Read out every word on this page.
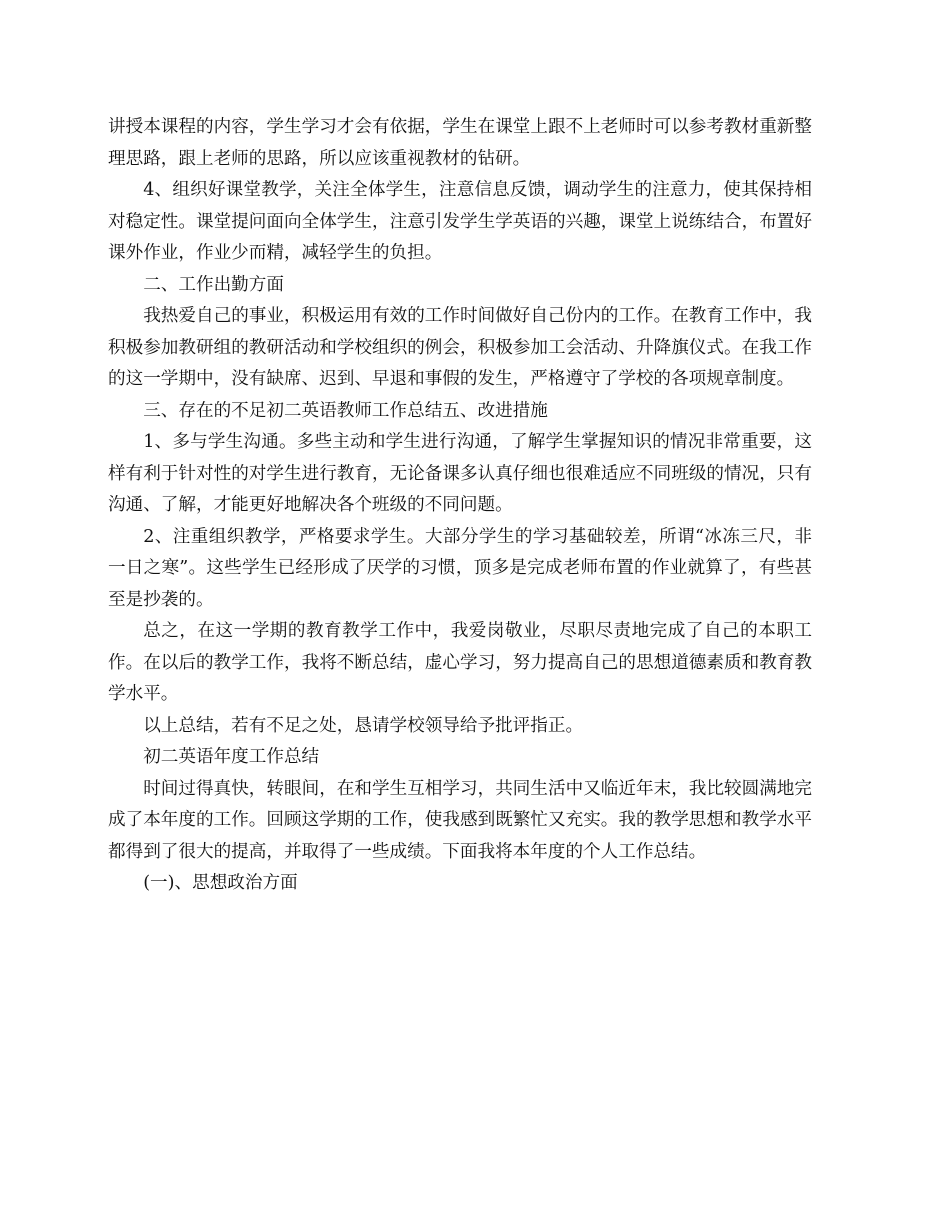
讲授本课程的内容，学生学习才会有依据，学生在课堂上跟不上老师时可以参考教材重新整理思路，跟上老师的思路，所以应该重视教材的钻研。

4、组织好课堂教学，关注全体学生，注意信息反馈，调动学生的注意力，使其保持相对稳定性。课堂提问面向全体学生，注意引发学生学英语的兴趣，课堂上说练结合，布置好课外作业，作业少而精，减轻学生的负担。

二、工作出勤方面

我热爱自己的事业，积极运用有效的工作时间做好自己份内的工作。在教育工作中，我积极参加教研组的教研活动和学校组织的例会，积极参加工会活动、升降旗仪式。在我工作的这一学期中，没有缺席、迟到、早退和事假的发生，严格遵守了学校的各项规章制度。

三、存在的不足初二英语教师工作总结五、改进措施

1、多与学生沟通。多些主动和学生进行沟通，了解学生掌握知识的情况非常重要，这样有利于针对性的对学生进行教育，无论备课多认真仔细也很难适应不同班级的情况，只有沟通、了解，才能更好地解决各个班级的不同问题。

2、注重组织教学，严格要求学生。大部分学生的学习基础较差，所谓“冰冻三尺，非一日之寒”。这些学生已经形成了厌学的习惯，顶多是完成老师布置的作业就算了，有些甚至是抄袭的。

总之，在这一学期的教育教学工作中，我爱岗敬业，尽职尽责地完成了自己的本职工作。在以后的教学工作，我将不断总结，虚心学习，努力提高自己的思想道德素质和教育教学水平。

以上总结，若有不足之处，恳请学校领导给予批评指正。

初二英语年度工作总结

时间过得真快，转眼间，在和学生互相学习，共同生活中又临近年末，我比较圆满地完成了本年度的工作。回顾这学期的工作，使我感到既繁忙又充实。我的教学思想和教学水平都得到了很大的提高，并取得了一些成绩。下面我将本年度的个人工作总结。

(一)、思想政治方面
